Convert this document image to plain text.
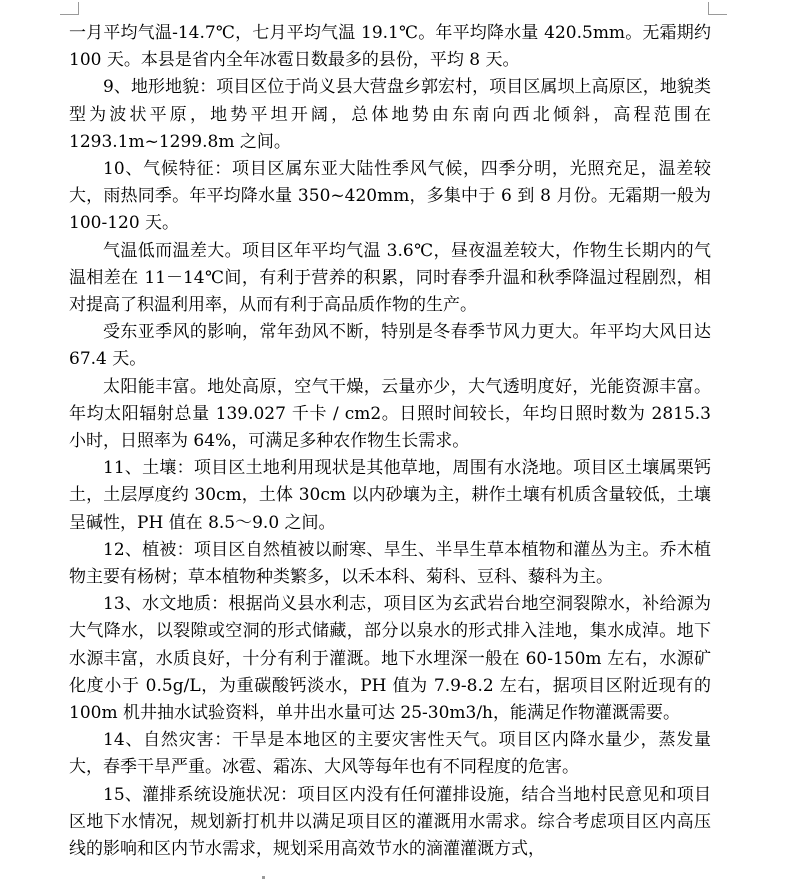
一月平均气温-14.7℃，七月平均气温 19.1℃。年平均降水量 420.5mm。无霜期约 100 天。本县是省内全年冰雹日数最多的县份，平均 8 天。

9、地形地貌：项目区位于尚义县大营盘乡郭宏村，项目区属坝上高原区，地貌类型为波状平原，地势平坦开阔，总体地势由东南向西北倾斜，高程范围在 1293.1m~1299.8m 之间。

10、气候特征：项目区属东亚大陆性季风气候，四季分明，光照充足，温差较大，雨热同季。年平均降水量 350~420mm，多集中于 6 到 8 月份。无霜期一般为 100-120 天。

气温低而温差大。项目区年平均气温 3.6℃，昼夜温差较大，作物生长期内的气温相差在 11－14℃间，有利于营养的积累，同时春季升温和秋季降温过程剧烈，相对提高了积温利用率，从而有利于高品质作物的生产。

受东亚季风的影响，常年劲风不断，特别是冬春季节风力更大。年平均大风日达 67.4 天。

太阳能丰富。地处高原，空气干燥，云量亦少，大气透明度好，光能资源丰富。年均太阳辐射总量 139.027 千卡 / cm2。日照时间较长，年均日照时数为 2815.3 小时，日照率为 64%，可满足多种农作物生长需求。

11、土壤：项目区土地利用现状是其他草地，周围有水浇地。项目区土壤属栗钙土，土层厚度约 30cm，土体 30cm 以内砂壤为主，耕作土壤有机质含量较低，土壤呈碱性，PH 值在 8.5～9.0 之间。

12、植被：项目区自然植被以耐寒、旱生、半旱生草本植物和灌丛为主。乔木植物主要有杨树；草本植物种类繁多，以禾本科、菊科、豆科、藜科为主。

13、水文地质：根据尚义县水利志，项目区为玄武岩台地空洞裂隙水，补给源为大气降水，以裂隙或空洞的形式储藏，部分以泉水的形式排入洼地，集水成淖。地下水源丰富，水质良好，十分有利于灌溉。地下水埋深一般在 60-150m 左右，水源矿化度小于 0.5g/L，为重碳酸钙淡水，PH 值为 7.9-8.2 左右，据项目区附近现有的 100m 机井抽水试验资料，单井出水量可达 25-30m3/h，能满足作物灌溉需要。

14、自然灾害：干旱是本地区的主要灾害性天气。项目区内降水量少，蒸发量大，春季干旱严重。冰雹、霜冻、大风等每年也有不同程度的危害。

15、灌排系统设施状况：项目区内没有任何灌排设施，结合当地村民意见和项目区地下水情况，规划新打机井以满足项目区的灌溉用水需求。综合考虑项目区内高压线的影响和区内节水需求，规划采用高效节水的滴灌灌溉方式，
